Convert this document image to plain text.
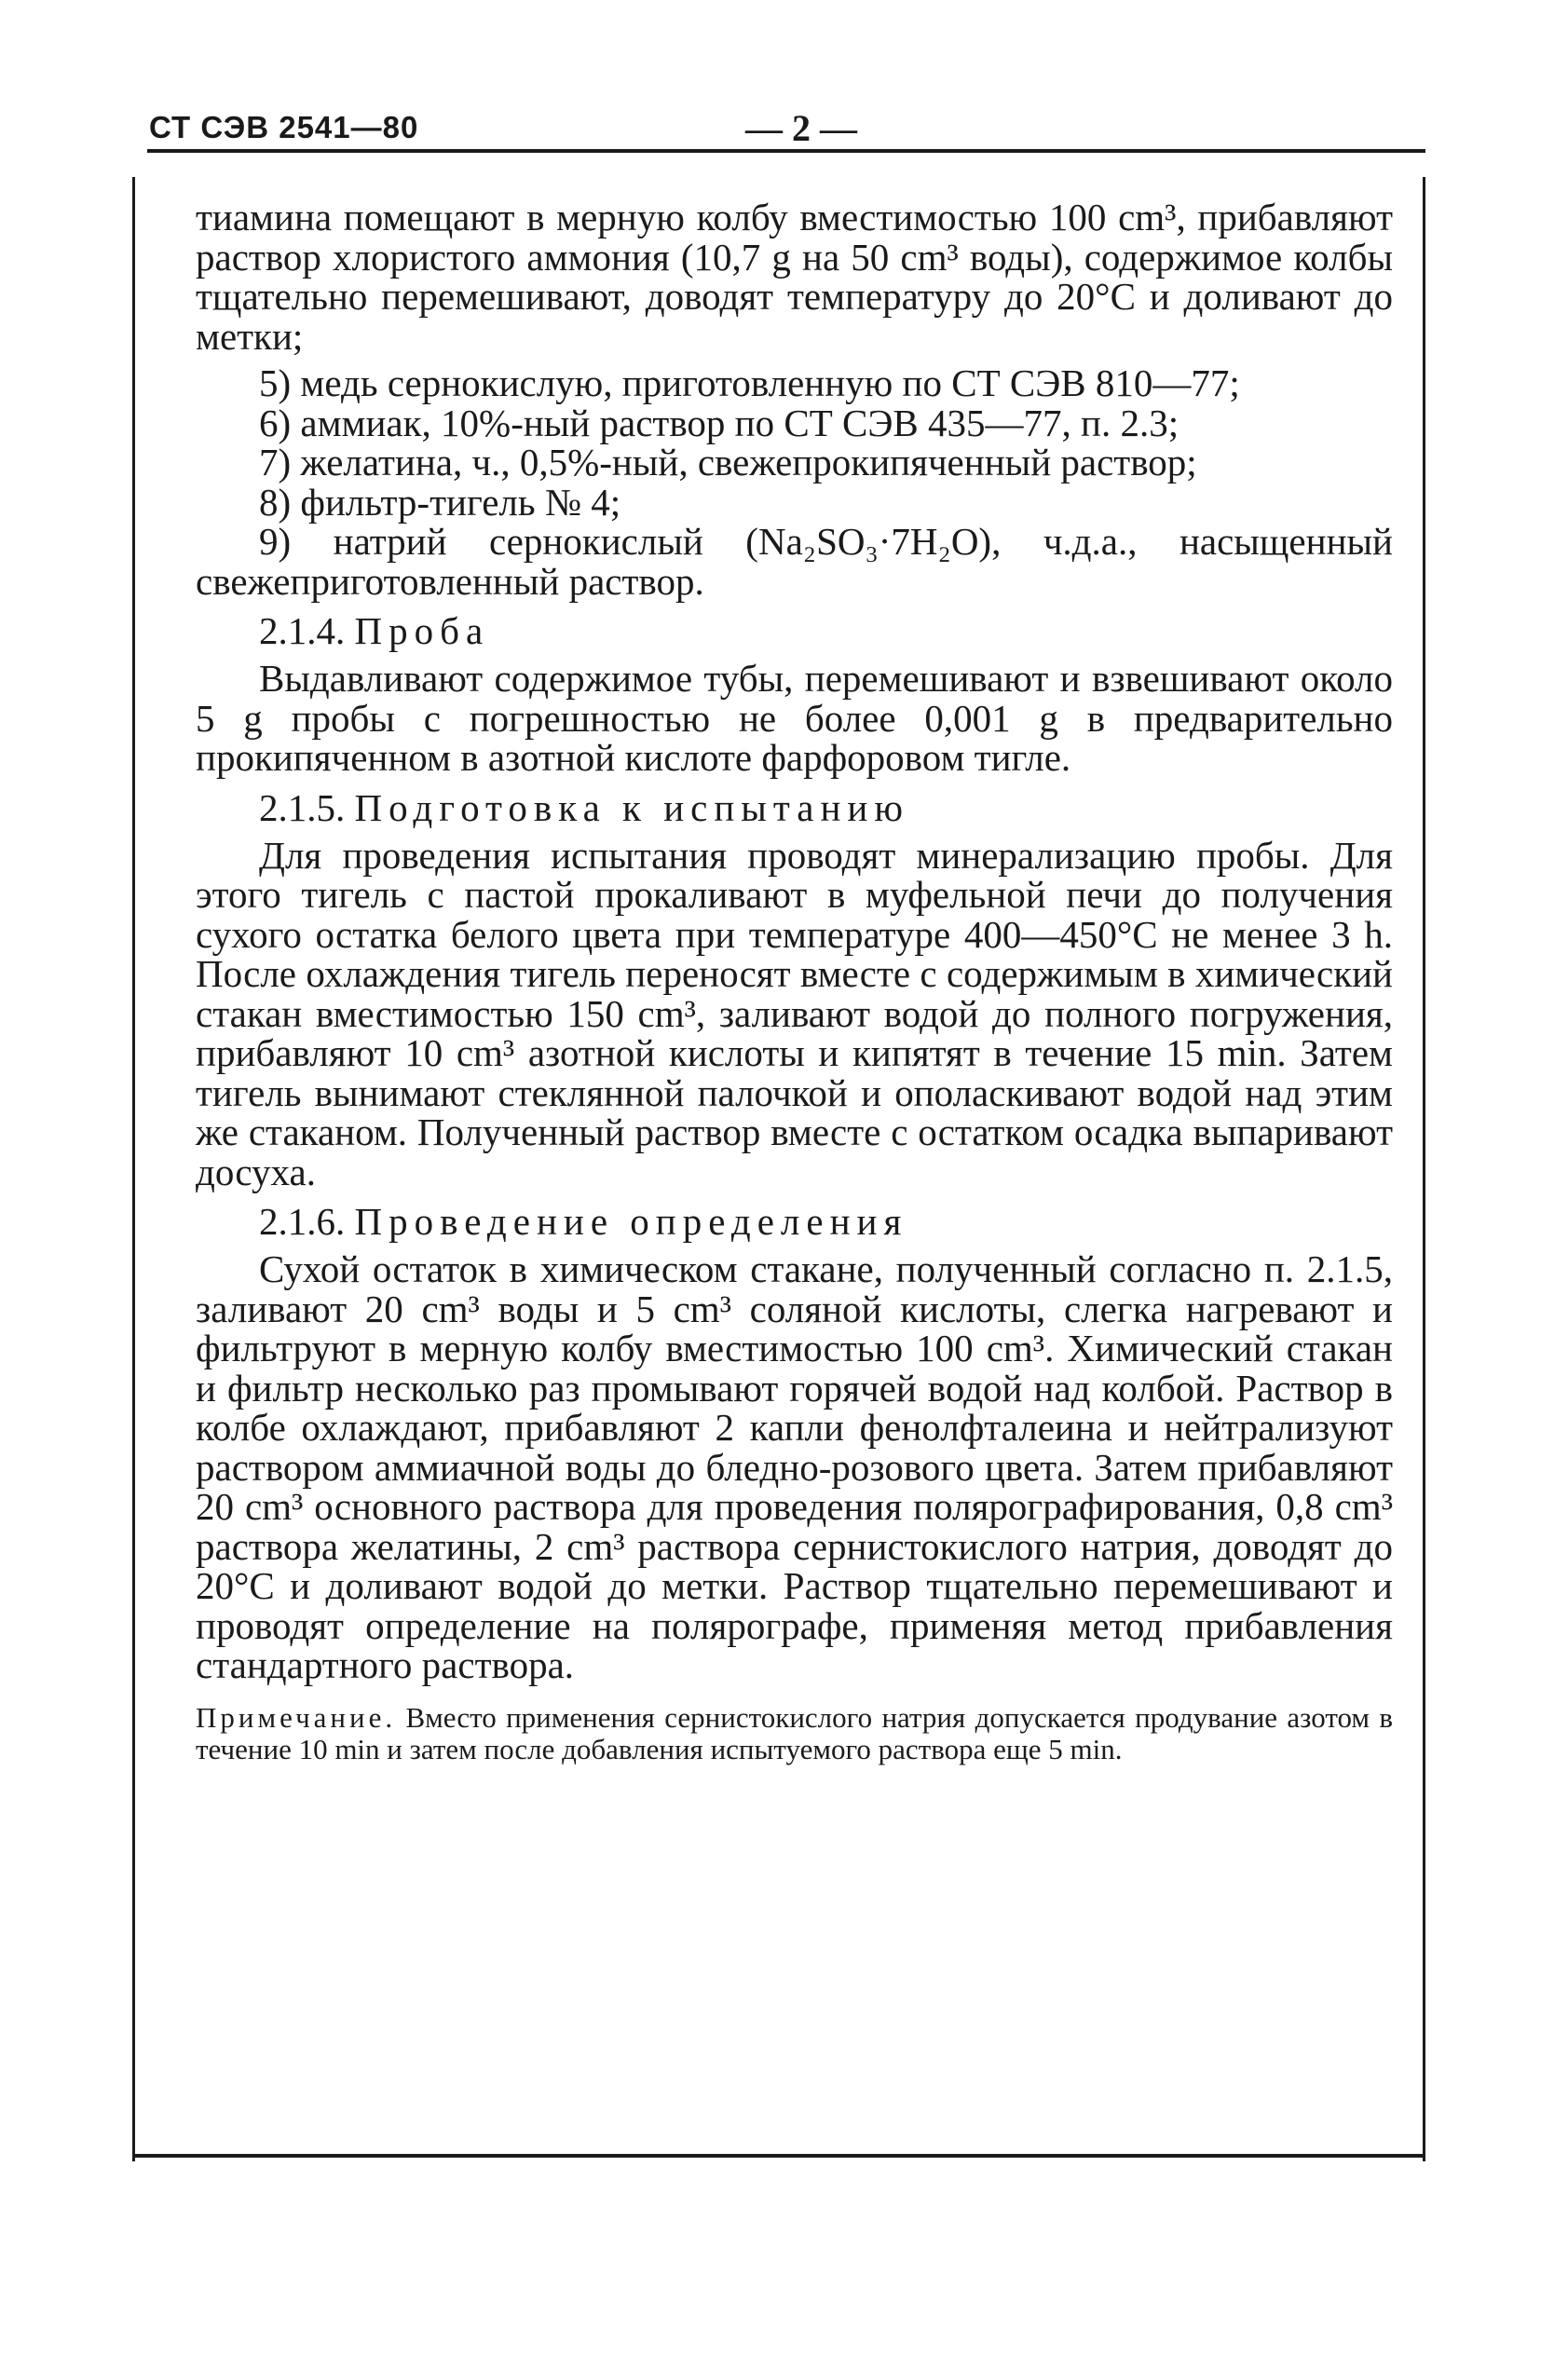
СТ СЭВ 2541—80	— 2 —

тиамина помещают в мерную колбу вместимостью 100 cm³, прибавляют раствор хлористого аммония (10,7 g на 50 cm³ воды), содержимое колбы тщательно перемешивают, доводят температуру до 20°С и доливают до метки;

5) медь сернокислую, приготовленную по СТ СЭВ 810—77;

6) аммиак, 10%-ный раствор по СТ СЭВ 435—77, п. 2.3;

7) желатина, ч., 0,5%-ный, свежепрокипяченный раствор;

8) фильтр-тигель № 4;

9) натрий сернокислый (Na₂SO₃·7H₂O), ч.д.а., насыщенный свежеприготовленный раствор.

2.1.4. Проба

Выдавливают содержимое тубы, перемешивают и взвешивают около 5 g пробы с погрешностью не более 0,001 g в предварительно прокипяченном в азотной кислоте фарфоровом тигле.

2.1.5. Подготовка к испытанию

Для проведения испытания проводят минерализацию пробы. Для этого тигель с пастой прокаливают в муфельной печи до получения сухого остатка белого цвета при температуре 400—450°С не менее 3 h. После охлаждения тигель переносят вместе с содержимым в химический стакан вместимостью 150 cm³, заливают водой до полного погружения, прибавляют 10 cm³ азотной кислоты и кипятят в течение 15 min. Затем тигель вынимают стеклянной палочкой и ополаскивают водой над этим же стаканом. Полученный раствор вместе с остатком осадка выпаривают досуха.

2.1.6. Проведение определения

Сухой остаток в химическом стакане, полученный согласно п. 2.1.5, заливают 20 cm³ воды и 5 cm³ соляной кислоты, слегка нагревают и фильтруют в мерную колбу вместимостью 100 cm³. Химический стакан и фильтр несколько раз промывают горячей водой над колбой. Раствор в колбе охлаждают, прибавляют 2 капли фенолфталеина и нейтрализуют раствором аммиачной воды до бледно-розового цвета. Затем прибавляют 20 cm³ основного раствора для проведения полярографирования, 0,8 cm³ раствора желатины, 2 cm³ раствора сернистокислого натрия, доводят до 20°С и доливают водой до метки. Раствор тщательно перемешивают и проводят определение на полярографе, применяя метод прибавления стандартного раствора.

Примечание. Вместо применения сернистокислого натрия допускается продувание азотом в течение 10 min и затем после добавления испытуемого раствора еще 5 min.
